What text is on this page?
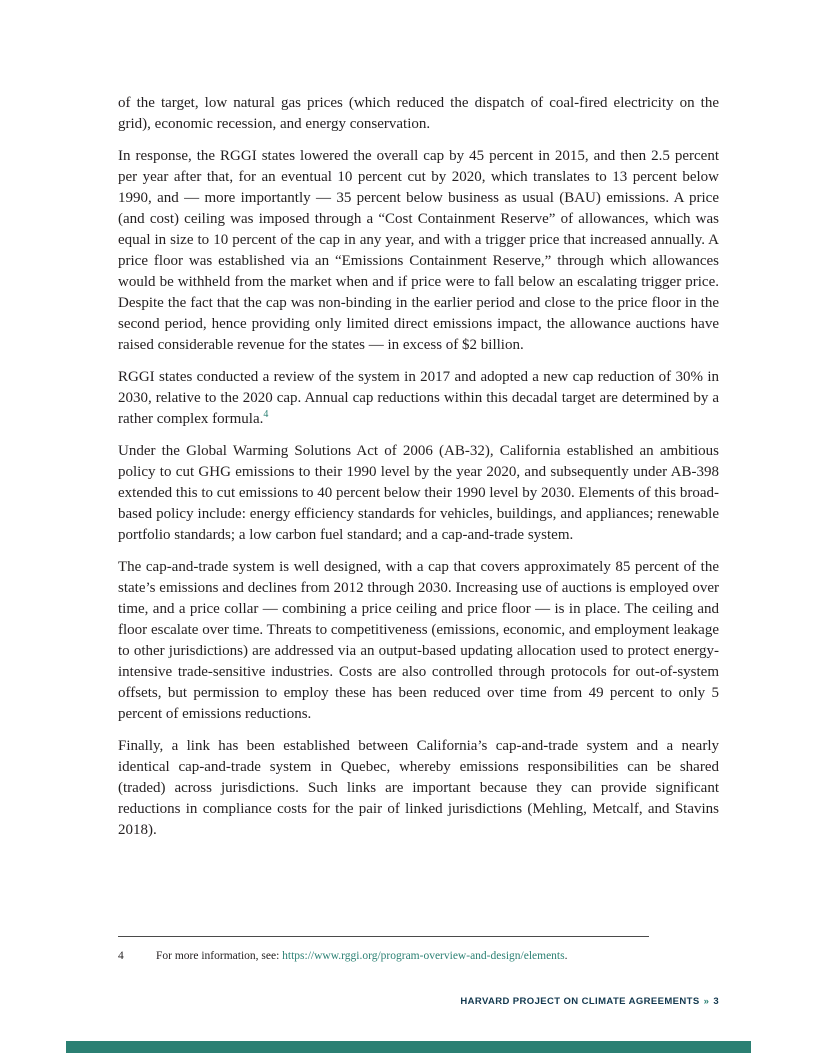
of the target, low natural gas prices (which reduced the dispatch of coal-fired electricity on the grid), economic recession, and energy conservation.

In response, the RGGI states lowered the overall cap by 45 percent in 2015, and then 2.5 percent per year after that, for an eventual 10 percent cut by 2020, which translates to 13 percent below 1990, and — more importantly — 35 percent below business as usual (BAU) emissions. A price (and cost) ceiling was imposed through a “Cost Containment Reserve” of allowances, which was equal in size to 10 percent of the cap in any year, and with a trigger price that increased annually. A price floor was established via an “Emissions Containment Reserve,” through which allowances would be withheld from the market when and if price were to fall below an escalating trigger price. Despite the fact that the cap was non-binding in the earlier period and close to the price floor in the second period, hence providing only limited direct emissions impact, the allowance auctions have raised considerable revenue for the states — in excess of $2 billion.

RGGI states conducted a review of the system in 2017 and adopted a new cap reduction of 30% in 2030, relative to the 2020 cap. Annual cap reductions within this decadal target are determined by a rather complex formula.$^4$

Under the Global Warming Solutions Act of 2006 (AB-32), California established an ambitious policy to cut GHG emissions to their 1990 level by the year 2020, and subsequently under AB-398 extended this to cut emissions to 40 percent below their 1990 level by 2030. Elements of this broad-based policy include: energy efficiency standards for vehicles, buildings, and appliances; renewable portfolio standards; a low carbon fuel standard; and a cap-and-trade system.

The cap-and-trade system is well designed, with a cap that covers approximately 85 percent of the state’s emissions and declines from 2012 through 2030. Increasing use of auctions is employed over time, and a price collar — combining a price ceiling and price floor — is in place. The ceiling and floor escalate over time. Threats to competitiveness (emissions, economic, and employment leakage to other jurisdictions) are addressed via an output-based updating allocation used to protect energy-intensive trade-sensitive industries. Costs are also controlled through protocols for out-of-system offsets, but permission to employ these has been reduced over time from 49 percent to only 5 percent of emissions reductions.

Finally, a link has been established between California’s cap-and-trade system and a nearly identical cap-and-trade system in Quebec, whereby emissions responsibilities can be shared (traded) across jurisdictions. Such links are important because they can provide significant reductions in compliance costs for the pair of linked jurisdictions (Mehling, Metcalf, and Stavins 2018).

4	For more information, see: https://www.rggi.org/program-overview-and-design/elements.
HARVARD PROJECT ON CLIMATE AGREEMENTS » 3
